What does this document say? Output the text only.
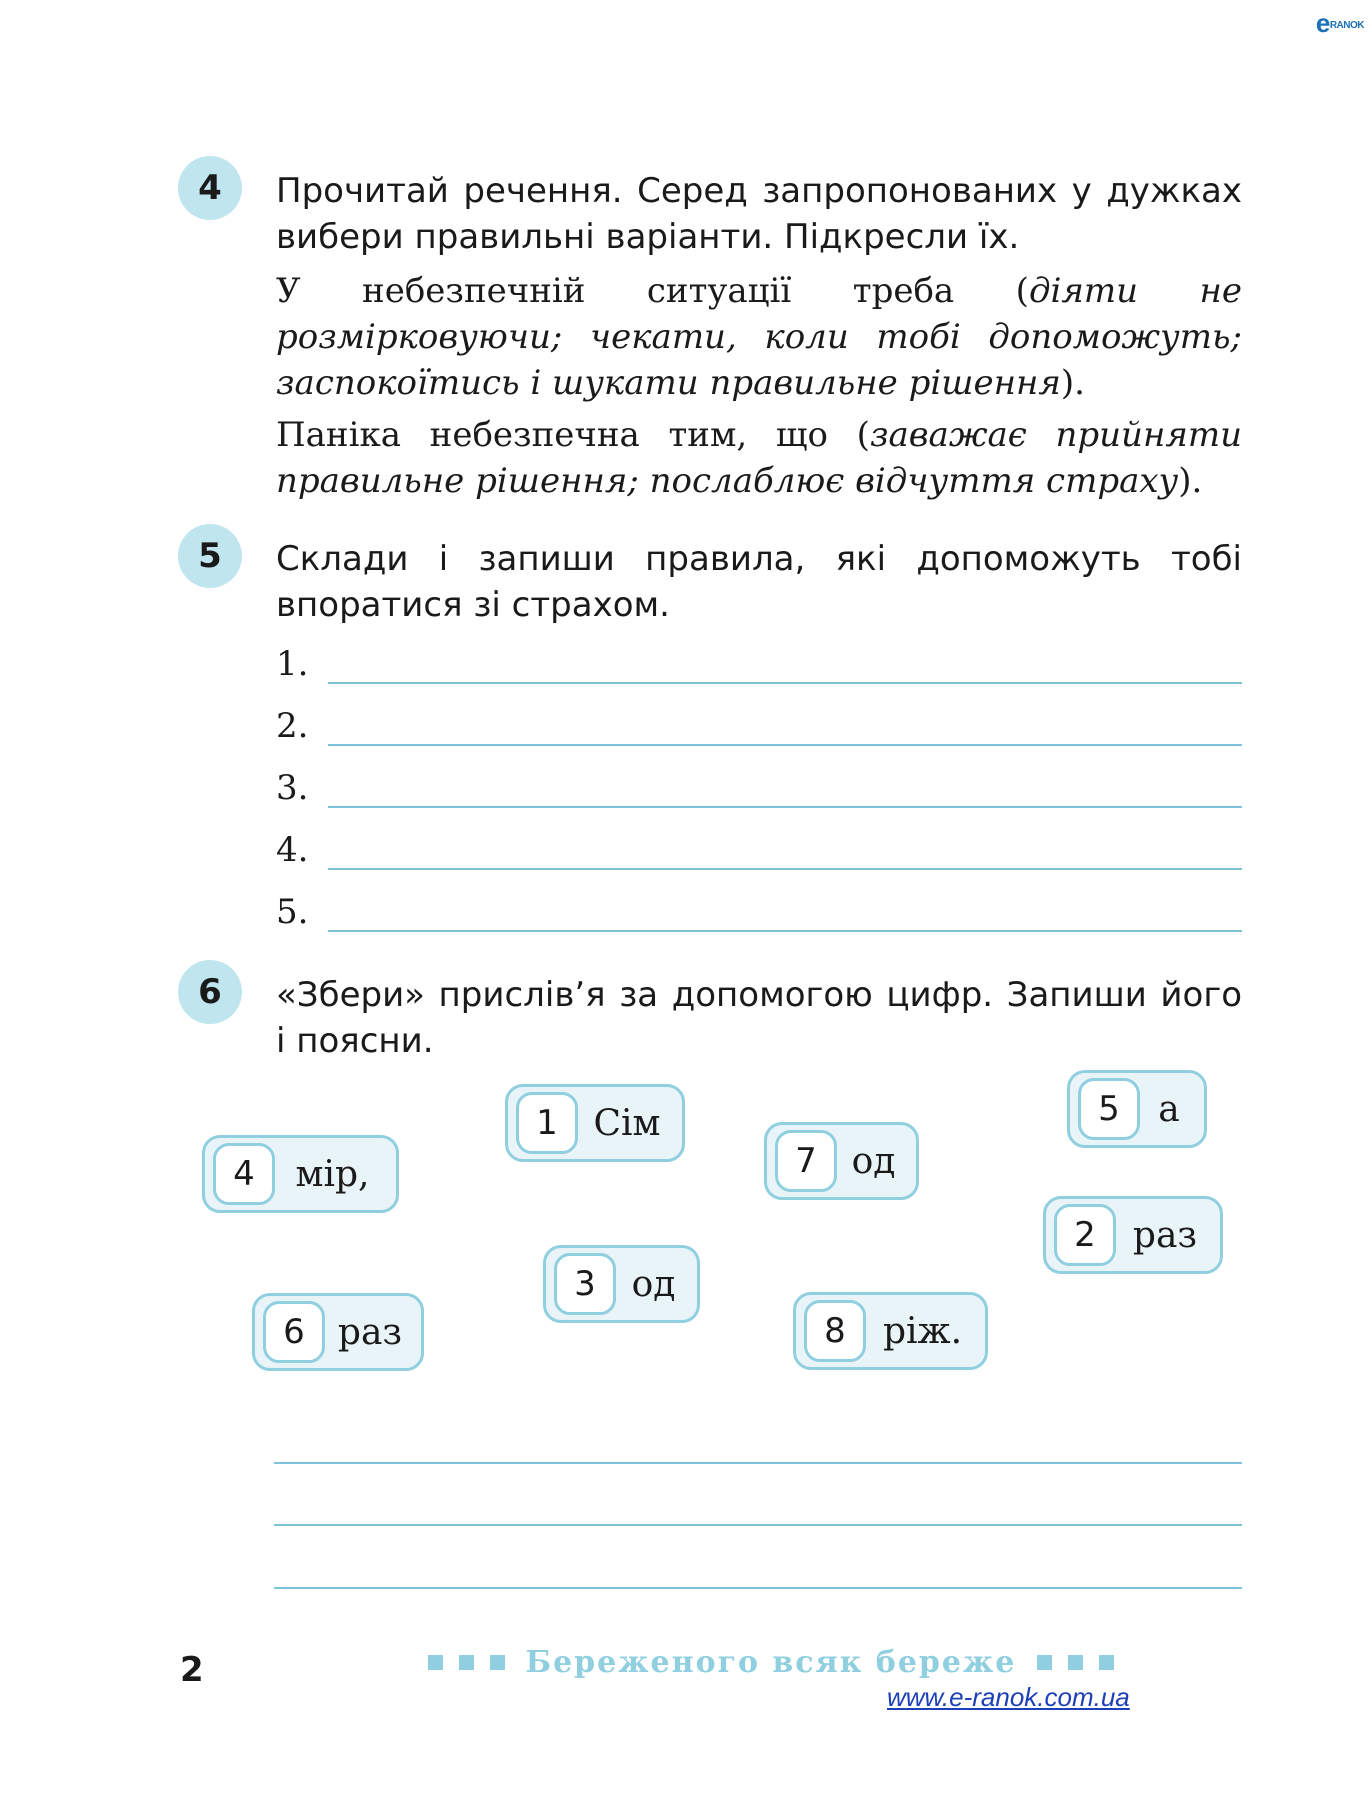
$e^{RANOK}$
4	Прочитай речення. Серед запропонованих у дужках вибери правильні варіанти. Підкресли їх.
У небезпечній ситуації треба (діяти не розмірковуючи; чекати, коли тобі допоможуть; заспокоїтись і шукати правильне рішення).
Паніка небезпечна тим, що (заважає прийняти правильне рішення; послаблює відчуття страху).
5	Склади і запиши правила, які допоможуть тобі впоратися зі страхом.
1.
2.
3.
4.
5.
6	«Збери» прислів’я за допомогою цифр. Запиши його і поясни.
1 Сім
2	раз
3 од
4	мір,
5	а
6 раз
7 од
8	ріж.
2	Береженого всяк береже
www.e-ranok.com.ua
